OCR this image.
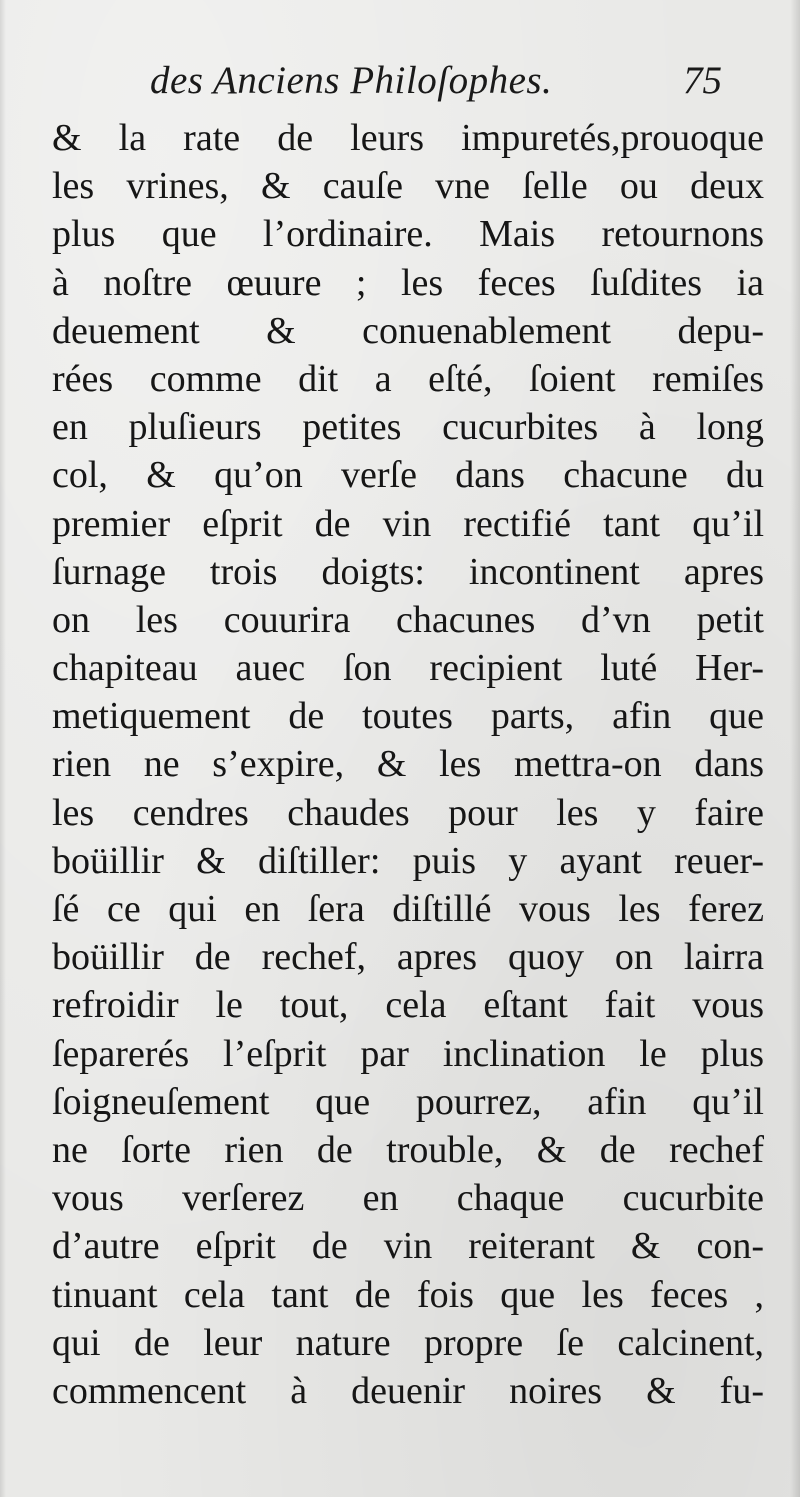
des Anciens Philoſophes.	75
& la rate de leurs impuretés,prouoque
les vrines, & cauſe vne ſelle ou deux
plus que l’ordinaire. Mais retournons
à noſtre œuure ; les feces ſuſdites ia
deuement & conuenablement depu-
rées comme dit a eſté, ſoient remiſes
en pluſieurs petites cucurbites à long
col, & qu’on verſe dans chacune du
premier eſprit de vin rectifié tant qu’il
ſurnage trois doigts: incontinent apres
on les couurira chacunes d’vn petit
chapiteau auec ſon recipient luté Her-
metiquement de toutes parts, afin que
rien ne s’expire, & les mettra-on dans
les cendres chaudes pour les y faire
boüillir & diſtiller: puis y ayant reuer-
ſé ce qui en ſera diſtillé vous les ferez
boüillir de rechef, apres quoy on lairra
refroidir le tout, cela eſtant fait vous
ſeparerés l’eſprit par inclination le plus
ſoigneuſement que pourrez, afin qu’il
ne ſorte rien de trouble, & de rechef
vous verſerez en chaque cucurbite
d’autre eſprit de vin reiterant & con-
tinuant cela tant de fois que les feces ,
qui de leur nature propre ſe calcinent,
commencent à deuenir noires & fu-
